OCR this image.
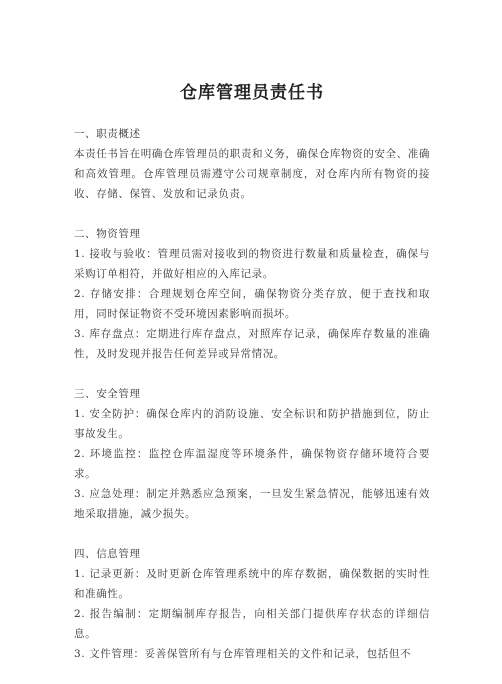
仓库管理员责任书

一、职责概述

本责任书旨在明确仓库管理员的职责和义务，确保仓库物资的安全、准确和高效管理。仓库管理员需遵守公司规章制度，对仓库内所有物资的接收、存储、保管、发放和记录负责。

二、物资管理

1. 接收与验收：管理员需对接收到的物资进行数量和质量检查，确保与采购订单相符，并做好相应的入库记录。

2. 存储安排：合理规划仓库空间，确保物资分类存放，便于查找和取用，同时保证物资不受环境因素影响而损坏。

3. 库存盘点：定期进行库存盘点，对照库存记录，确保库存数量的准确性，及时发现并报告任何差异或异常情况。

三、安全管理

1. 安全防护：确保仓库内的消防设施、安全标识和防护措施到位，防止事故发生。

2. 环境监控：监控仓库温湿度等环境条件，确保物资存储环境符合要求。

3. 应急处理：制定并熟悉应急预案，一旦发生紧急情况，能够迅速有效地采取措施，减少损失。

四、信息管理

1. 记录更新：及时更新仓库管理系统中的库存数据，确保数据的实时性和准确性。

2. 报告编制：定期编制库存报告，向相关部门提供库存状态的详细信息。

3. 文件管理：妥善保管所有与仓库管理相关的文件和记录，包括但不
